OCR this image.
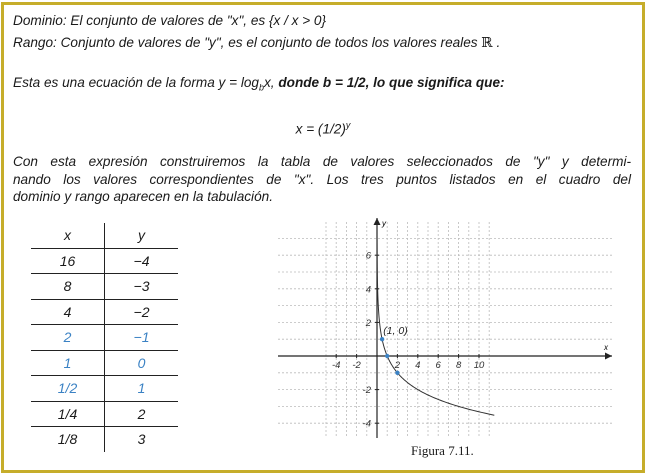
Dominio: El conjunto de valores de "x", es {x / x > 0}
Rango: Conjunto de valores de "y", es el conjunto de todos los valores reales ℝ .
Esta es una ecuación de la forma $y = \log_bx$, donde b = 1/2, lo que significa que:
$x = (1/2)^y$
Con esta expresión construiremos la tabla de valores seleccionados de "y" y determi-
nando los valores correspondientes de "x". Los tres puntos listados en el cuadro del
dominio y rango aparecen en la tabulación.
x	y
16	−4
8	−3
4	−2
2	−1
1	0
1/2	1
1/4	2
1/8	3
x
y
-4 -2	2 4 6 8 10
6
4
2
-2
-4
(1, 0)
Figura 7.11.
